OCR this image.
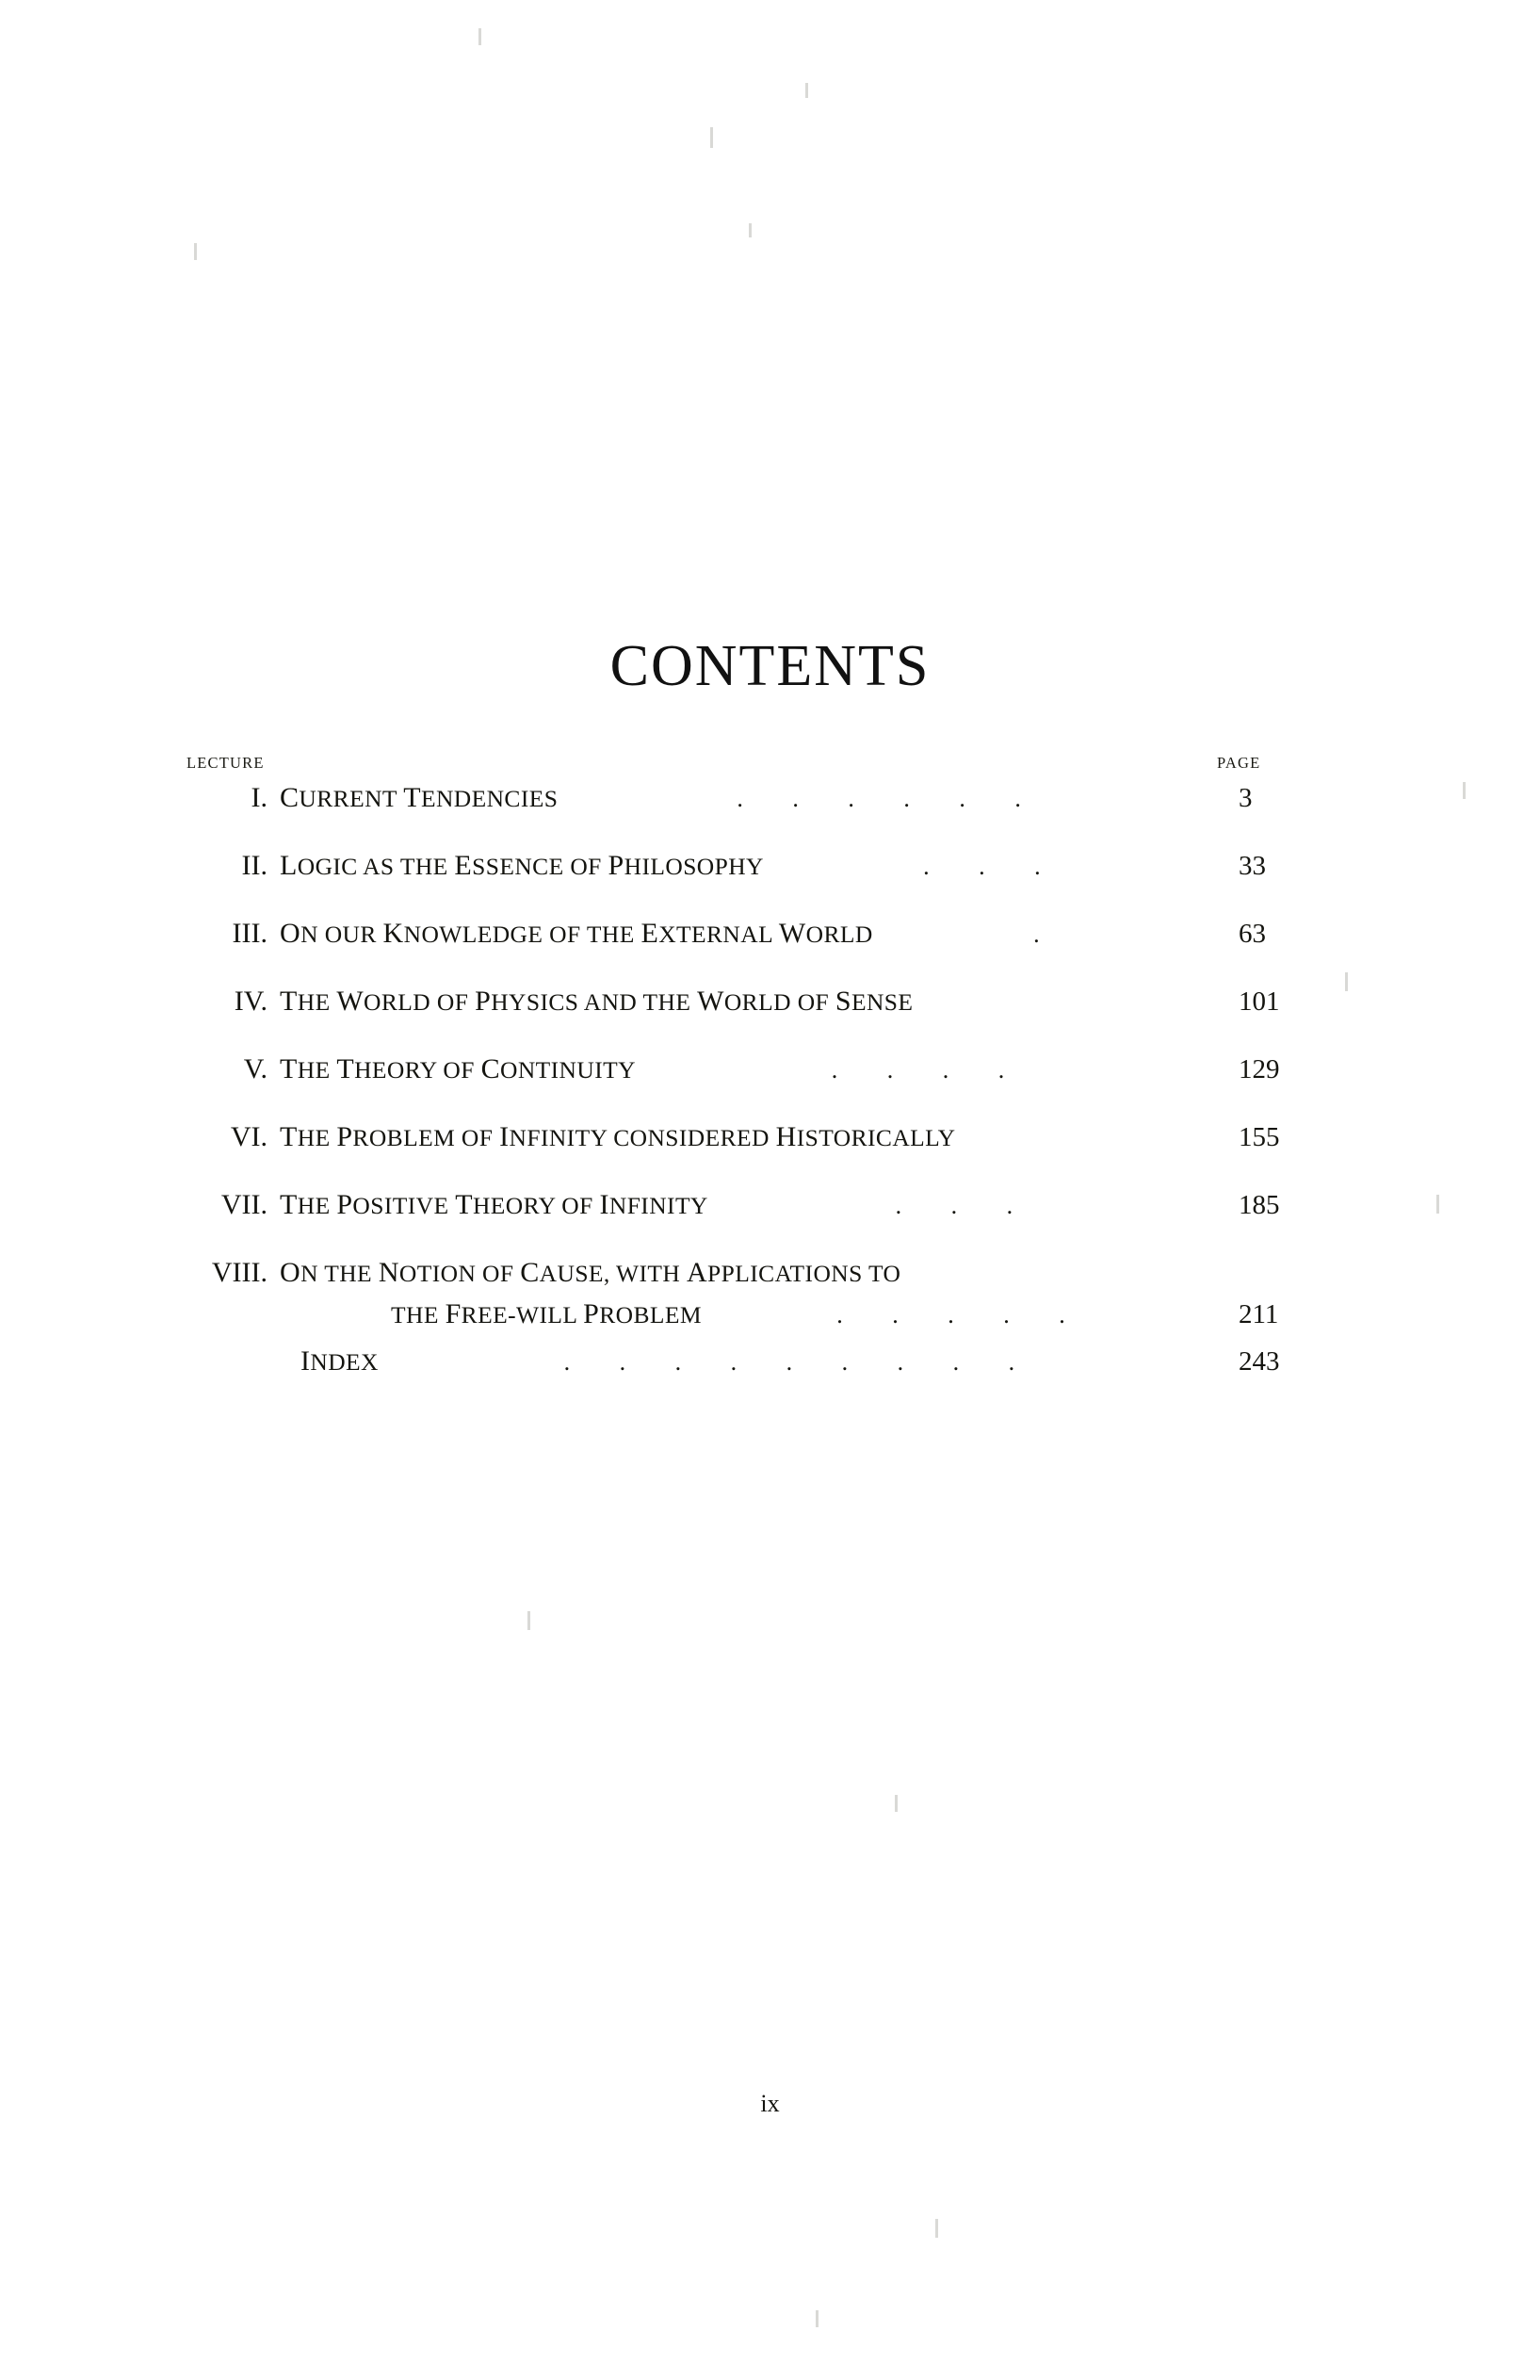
CONTENTS
LECTURE	PAGE
I. CURRENT TENDENCIES	. . . . . .	3
II. LOGIC AS THE ESSENCE OF PHILOSOPHY	. . .	33
III. ON OUR KNOWLEDGE OF THE EXTERNAL WORLD	.	63
IV. THE WORLD OF PHYSICS AND THE WORLD OF SENSE	101
V. THE THEORY OF CONTINUITY	. . . .	129
VI. THE PROBLEM OF INFINITY CONSIDERED HISTORICALLY	155
VII. THE POSITIVE THEORY OF INFINITY	. . .	185
VIII. ON THE NOTION OF CAUSE, WITH APPLICATIONS TO
THE FREE-WILL PROBLEM	. . . . .	211
INDEX	. . . . . . . . .	243
ix
